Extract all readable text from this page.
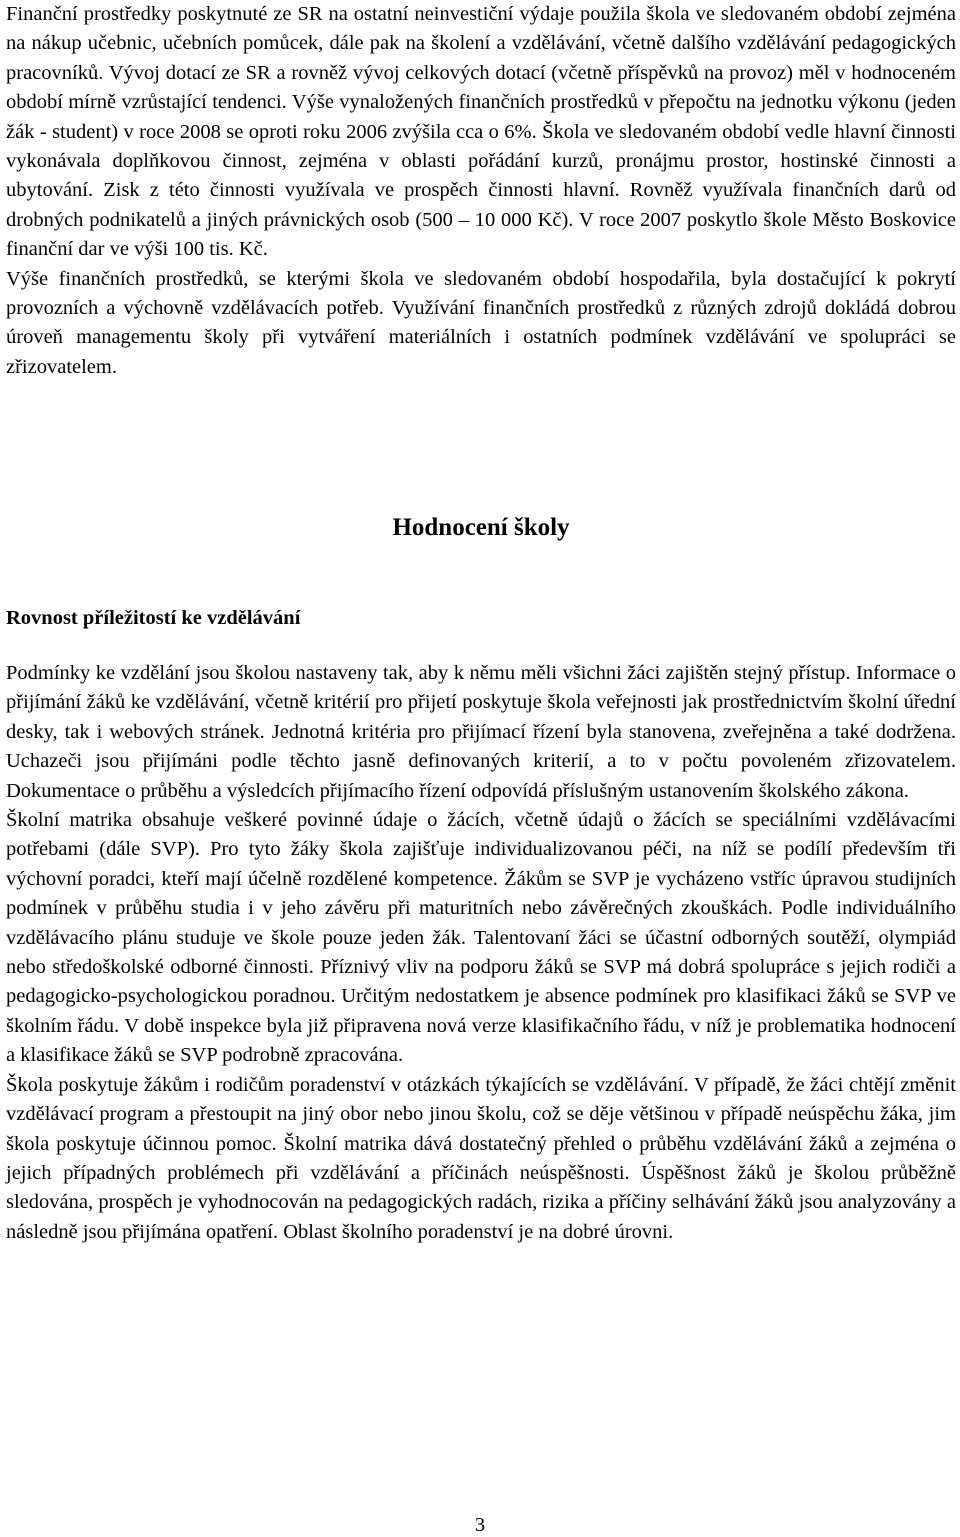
Finanční prostředky poskytnuté ze SR na ostatní neinvestiční výdaje použila škola ve sledovaném období zejména na nákup učebnic, učebních pomůcek, dále pak na školení a vzdělávání, včetně dalšího vzdělávání pedagogických pracovníků. Vývoj dotací ze SR a rovněž vývoj celkových dotací (včetně příspěvků na provoz) měl v hodnoceném období mírně vzrůstající tendenci. Výše vynaložených finančních prostředků v přepočtu na jednotku výkonu (jeden žák - student) v roce 2008 se oproti roku 2006 zvýšila cca o 6%. Škola ve sledovaném období vedle hlavní činnosti vykonávala doplňkovou činnost, zejména v oblasti pořádání kurzů, pronájmu prostor, hostinské činnosti a ubytování. Zisk z této činnosti využívala ve prospěch činnosti hlavní. Rovněž využívala finančních darů od drobných podnikatelů a jiných právnických osob (500 – 10 000 Kč). V roce 2007 poskytlo škole Město Boskovice finanční dar ve výši 100 tis. Kč.

Výše finančních prostředků, se kterými škola ve sledovaném období hospodařila, byla dostačující k pokrytí provozních a výchovně vzdělávacích potřeb. Využívání finančních prostředků z různých zdrojů dokládá dobrou úroveň managementu školy při vytváření materiálních i ostatních podmínek vzdělávání ve spolupráci se zřizovatelem.

Hodnocení školy
Rovnost příležitostí ke vzdělávání

Podmínky ke vzdělání jsou školou nastaveny tak, aby k němu měli všichni žáci zajištěn stejný přístup. Informace o přijímání žáků ke vzdělávání, včetně kritérií pro přijetí poskytuje škola veřejnosti jak prostřednictvím školní úřední desky, tak i webových stránek. Jednotná kritéria pro přijímací řízení byla stanovena, zveřejněna a také dodržena. Uchazeči jsou přijímáni podle těchto jasně definovaných kriterií, a to v počtu povoleném zřizovatelem. Dokumentace o průběhu a výsledcích přijímacího řízení odpovídá příslušným ustanovením školského zákona.

Školní matrika obsahuje veškeré povinné údaje o žácích, včetně údajů o žácích se speciálními vzdělávacími potřebami (dále SVP). Pro tyto žáky škola zajišťuje individualizovanou péči, na níž se podílí především tři výchovní poradci, kteří mají účelně rozdělené kompetence. Žákům se SVP je vycházeno vstříc úpravou studijních podmínek v průběhu studia i v jeho závěru při maturitních nebo závěrečných zkouškách. Podle individuálního vzdělávacího plánu studuje ve škole pouze jeden žák. Talentovaní žáci se účastní odborných soutěží, olympiád nebo středoškolské odborné činnosti. Příznivý vliv na podporu žáků se SVP má dobrá spolupráce s jejich rodiči a pedagogicko-psychologickou poradnou. Určitým nedostatkem je absence podmínek pro klasifikaci žáků se SVP ve školním řádu. V době inspekce byla již připravena nová verze klasifikačního řádu, v níž je problematika hodnocení a klasifikace žáků se SVP podrobně zpracována.

Škola poskytuje žákům i rodičům poradenství v otázkách týkajících se vzdělávání. V případě, že žáci chtějí změnit vzdělávací program a přestoupit na jiný obor nebo jinou školu, což se děje většinou v případě neúspěchu žáka, jim škola poskytuje účinnou pomoc. Školní matrika dává dostatečný přehled o průběhu vzdělávání žáků a zejména o jejich případných problémech při vzdělávání a příčinách neúspěšnosti. Úspěšnost žáků je školou průběžně sledována, prospěch je vyhodnocován na pedagogických radách, rizika a příčiny selhávání žáků jsou analyzovány a následně jsou přijímána opatření. Oblast školního poradenství je na dobré úrovni.

3
